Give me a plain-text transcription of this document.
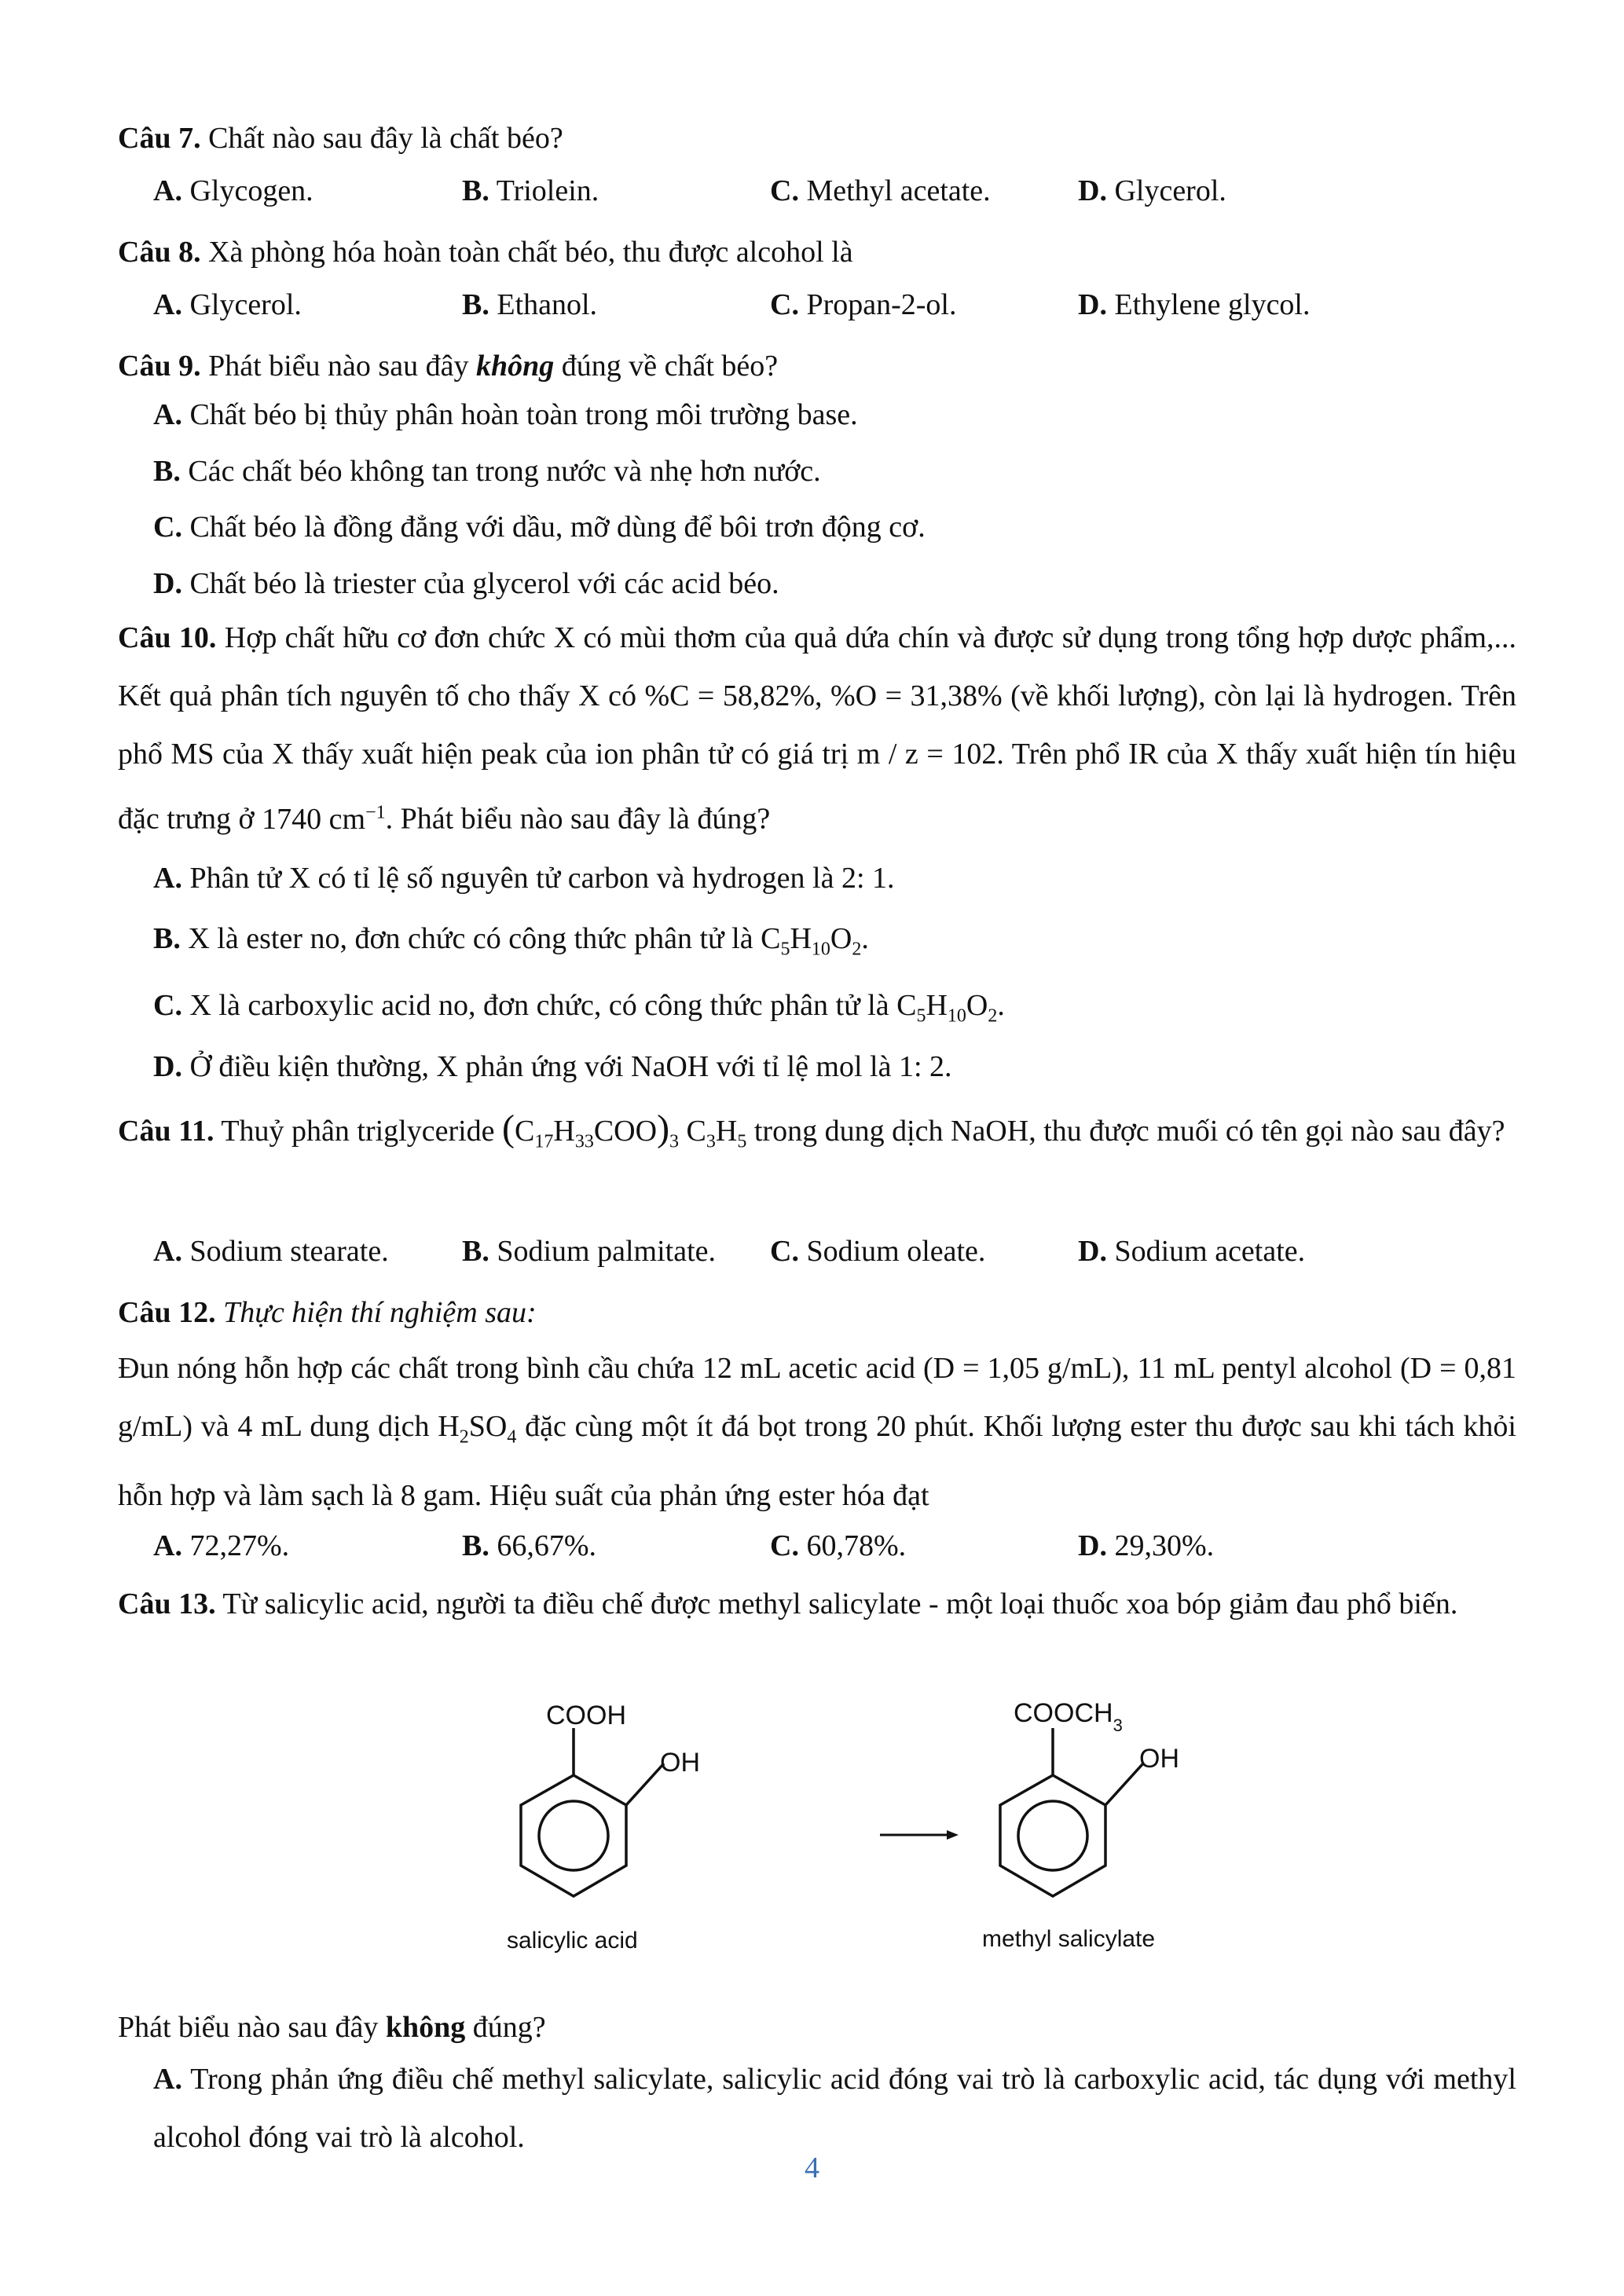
Câu 7. Chất nào sau đây là chất béo?
A. Glycogen.	B. Triolein.	C. Methyl acetate.	D. Glycerol.
Câu 8. Xà phòng hóa hoàn toàn chất béo, thu được alcohol là
A. Glycerol.	B. Ethanol.	C. Propan-2-ol.	D. Ethylene glycol.
Câu 9. Phát biểu nào sau đây không đúng về chất béo?
A. Chất béo bị thủy phân hoàn toàn trong môi trường base.
B. Các chất béo không tan trong nước và nhẹ hơn nước.
C. Chất béo là đồng đẳng với dầu, mỡ dùng để bôi trơn động cơ.
D. Chất béo là triester của glycerol với các acid béo.
Câu 10. Hợp chất hữu cơ đơn chức X có mùi thơm của quả dứa chín và được sử dụng trong tổng hợp dược phẩm,... Kết quả phân tích nguyên tố cho thấy X có %C = 58,82%, %O = 31,38% (về khối lượng), còn lại là hydrogen. Trên phổ MS của X thấy xuất hiện peak của ion phân tử có giá trị m / z = 102. Trên phổ IR của X thấy xuất hiện tín hiệu đặc trưng ở 1740 $cm^{-1}$. Phát biểu nào sau đây là đúng?
A. Phân tử X có tỉ lệ số nguyên tử carbon và hydrogen là 2: 1.
B. X là ester no, đơn chức có công thức phân tử là $C_5H_{10}O_2$.
C. X là carboxylic acid no, đơn chức, có công thức phân tử là $C_5H_{10}O_2$.
D. Ở điều kiện thường, X phản ứng với NaOH với tỉ lệ mol là 1: 2.
Câu 11. Thuỷ phân triglyceride $(C_{17}H_{33}COO)_3$ $C_3H_5$ trong dung dịch NaOH, thu được muối có tên gọi nào sau đây?
A. Sodium stearate. B. Sodium palmitate. C. Sodium oleate.	D. Sodium acetate.
Câu 12. Thực hiện thí nghiệm sau:
Đun nóng hỗn hợp các chất trong bình cầu chứa 12 mL acetic acid (D = 1,05 g/mL), 11 mL pentyl alcohol (D = 0,81 g/mL) và 4 mL dung dịch $H_2SO_4$ đặc cùng một ít đá bọt trong 20 phút. Khối lượng ester thu được sau khi tách khỏi hỗn hợp và làm sạch là 8 gam. Hiệu suất của phản ứng ester hóa đạt
A. 72,27%.	B. 66,67%.	C. 60,78%.	D. 29,30%.
Câu 13. Từ salicylic acid, người ta điều chế được methyl salicylate - một loại thuốc xoa bóp giảm đau phổ biến.
COOH
OH
salicylic acid
$COOCH_3$
OH
methyl salicylate
Phát biểu nào sau đây không đúng?
A. Trong phản ứng điều chế methyl salicylate, salicylic acid đóng vai trò là carboxylic acid, tác dụng với methyl alcohol đóng vai trò là alcohol.
4
